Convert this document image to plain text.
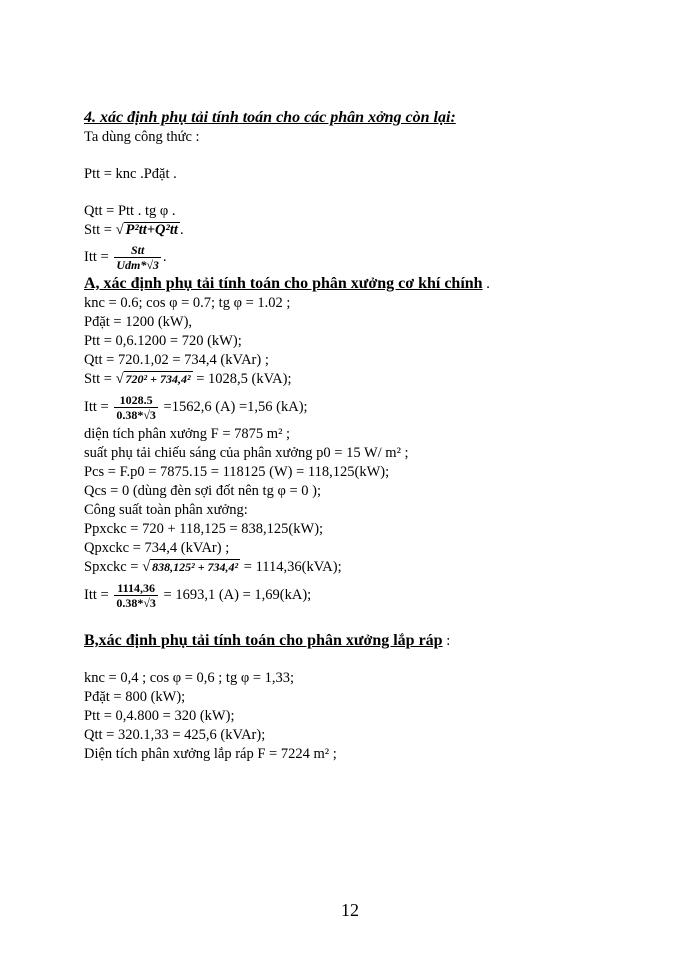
4. xác định phụ tải tính toán cho các phân xởng còn lại:
Ta dùng công thức :
Ptt = knc .Pđặt .
Qtt = Ptt . tg φ .
Stt = √ P²tt+Q²tt .
Itt = $\frac{\text{Stt}}{\text{Udm*√3}}$ .
A, xác định phụ tải tính toán cho phân xưởng cơ khí chính .
knc = 0.6; cos φ = 0.7; tg φ = 1.02 ;
Pđặt = 1200 (kW),
Ptt = 0,6.1200 = 720 (kW);
Qtt = 720.1,02 = 734,4 (kVAr) ;
Stt = √ 720² + 734,4² = 1028,5 (kVA);
Itt = $\frac{1028.5}{0.38*√3} =1562,6$ (A) =1,56 (kA);
diện tích phân xưởng F = 7875 m² ;
suất phụ tải chiếu sáng của phân xưởng p0 = 15 W/ m² ;
Pcs = F.p0 = 7875.15 = 118125 (W) = 118,125(kW);
Qcs = 0 (dùng đèn sợi đốt nên tg φ = 0 );
Công suất toàn phân xưởng:
Ppxckc = 720 + 118,125 = 838,125(kW);
Qpxckc = 734,4 (kVAr) ;
Spxckc = √ 838,125² + 734,4² = 1114,36(kVA);
Itt = $\frac{1114,36}{0.38*√3} = 1693,1$ (A) = 1,69(kA);
B,xác định phụ tải tính toán cho phân xưởng lắp ráp :
knc = 0,4 ; cos φ = 0,6 ; tg φ = 1,33;
Pđặt = 800 (kW);
Ptt = 0,4.800 = 320 (kW);
Qtt = 320.1,33 = 425,6 (kVAr);
Diện tích phân xưởng lắp ráp F = 7224 m² ;
12
